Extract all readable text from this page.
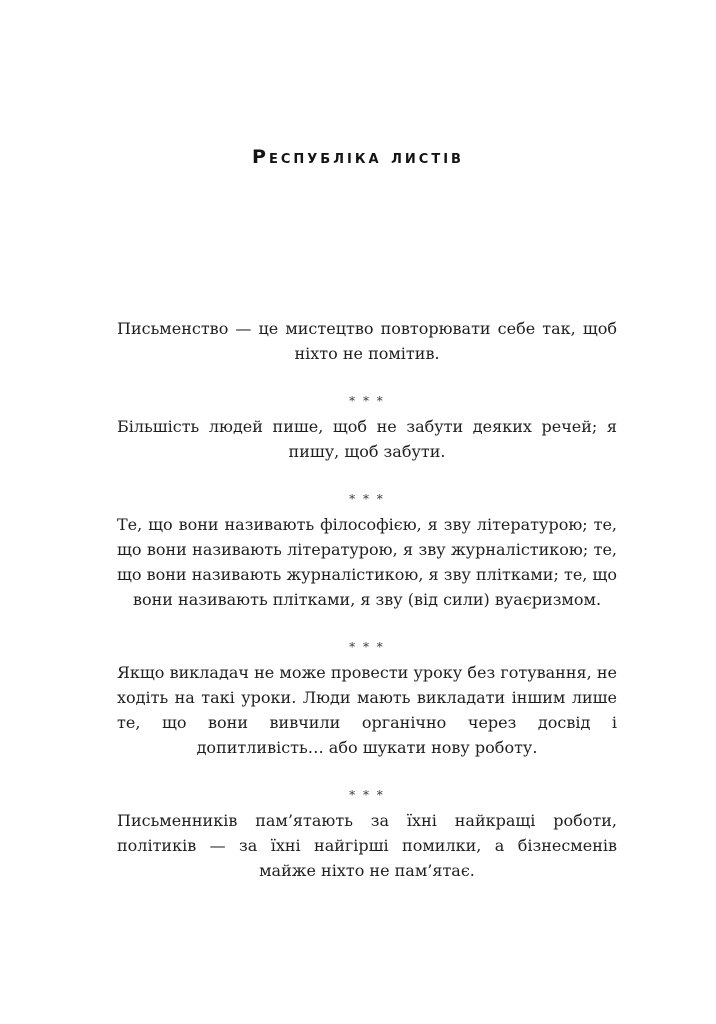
Республіка листів

Письменство — це мистецтво повторювати себе так, щоб ніхто не помітив.

* * *

Більшість людей пише, щоб не забути деяких речей; я пишу, щоб забути.

* * *

Те, що вони називають філософією, я зву літературою; те, що вони називають літературою, я зву журналістикою; те, що вони називають журналістикою, я зву плітками; те, що вони називають плітками, я зву (від сили) вуаєризмом.

* * *

Якщо викладач не може провести уроку без готування, не ходіть на такі уроки. Люди мають викладати іншим лише те, що вони вивчили органічно через досвід і допитливість… або шукати нову роботу.

* * *

Письменників пам’ятають за їхні найкращі роботи, політиків — за їхні найгірші помилки, а бізнесменів майже ніхто не пам’ятає.
